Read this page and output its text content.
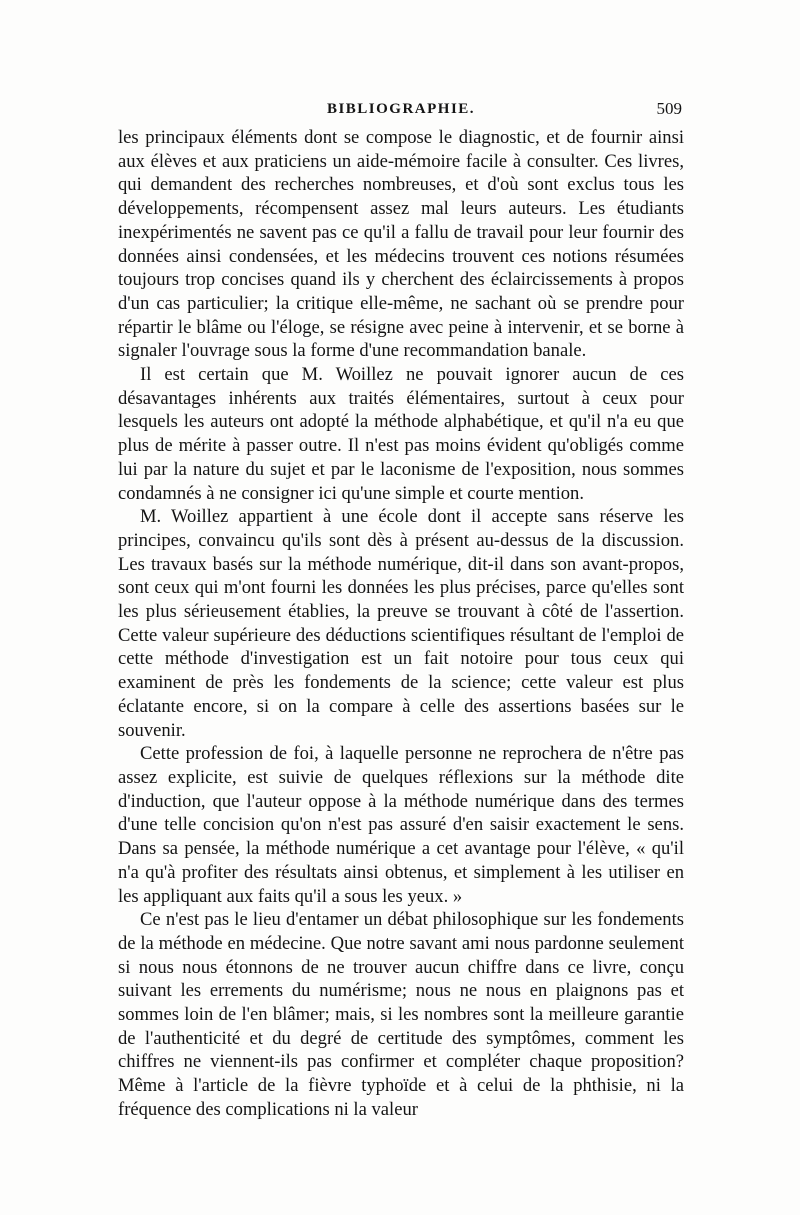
BIBLIOGRAPHIE.	509

les principaux éléments dont se compose le diagnostic, et de fournir ainsi aux élèves et aux praticiens un aide-mémoire facile à consulter. Ces livres, qui demandent des recherches nombreuses, et d'où sont exclus tous les développements, récompensent assez mal leurs auteurs. Les étudiants inexpérimentés ne savent pas ce qu'il a fallu de travail pour leur fournir des données ainsi condensées, et les médecins trouvent ces notions résumées toujours trop concises quand ils y cherchent des éclaircissements à propos d'un cas particulier; la critique elle-même, ne sachant où se prendre pour répartir le blâme ou l'éloge, se résigne avec peine à intervenir, et se borne à signaler l'ouvrage sous la forme d'une recommandation banale.

Il est certain que M. Woillez ne pouvait ignorer aucun de ces désavantages inhérents aux traités élémentaires, surtout à ceux pour lesquels les auteurs ont adopté la méthode alphabétique, et qu'il n'a eu que plus de mérite à passer outre. Il n'est pas moins évident qu'obligés comme lui par la nature du sujet et par le laconisme de l'exposition, nous sommes condamnés à ne consigner ici qu'une simple et courte mention.

M. Woillez appartient à une école dont il accepte sans réserve les principes, convaincu qu'ils sont dès à présent au-dessus de la discussion. Les travaux basés sur la méthode numérique, dit-il dans son avant-propos, sont ceux qui m'ont fourni les données les plus précises, parce qu'elles sont les plus sérieusement établies, la preuve se trouvant à côté de l'assertion. Cette valeur supérieure des déductions scientifiques résultant de l'emploi de cette méthode d'investigation est un fait notoire pour tous ceux qui examinent de près les fondements de la science; cette valeur est plus éclatante encore, si on la compare à celle des assertions basées sur le souvenir.

Cette profession de foi, à laquelle personne ne reprochera de n'être pas assez explicite, est suivie de quelques réflexions sur la méthode dite d'induction, que l'auteur oppose à la méthode numérique dans des termes d'une telle concision qu'on n'est pas assuré d'en saisir exactement le sens. Dans sa pensée, la méthode numérique a cet avantage pour l'élève, « qu'il n'a qu'à profiter des résultats ainsi obtenus, et simplement à les utiliser en les appliquant aux faits qu'il a sous les yeux. »

Ce n'est pas le lieu d'entamer un débat philosophique sur les fondements de la méthode en médecine. Que notre savant ami nous pardonne seulement si nous nous étonnons de ne trouver aucun chiffre dans ce livre, conçu suivant les errements du numérisme; nous ne nous en plaignons pas et sommes loin de l'en blâmer; mais, si les nombres sont la meilleure garantie de l'authenticité et du degré de certitude des symptômes, comment les chiffres ne viennent-ils pas confirmer et compléter chaque proposition? Même à l'article de la fièvre typhoïde et à celui de la phthisie, ni la fréquence des complications ni la valeur
